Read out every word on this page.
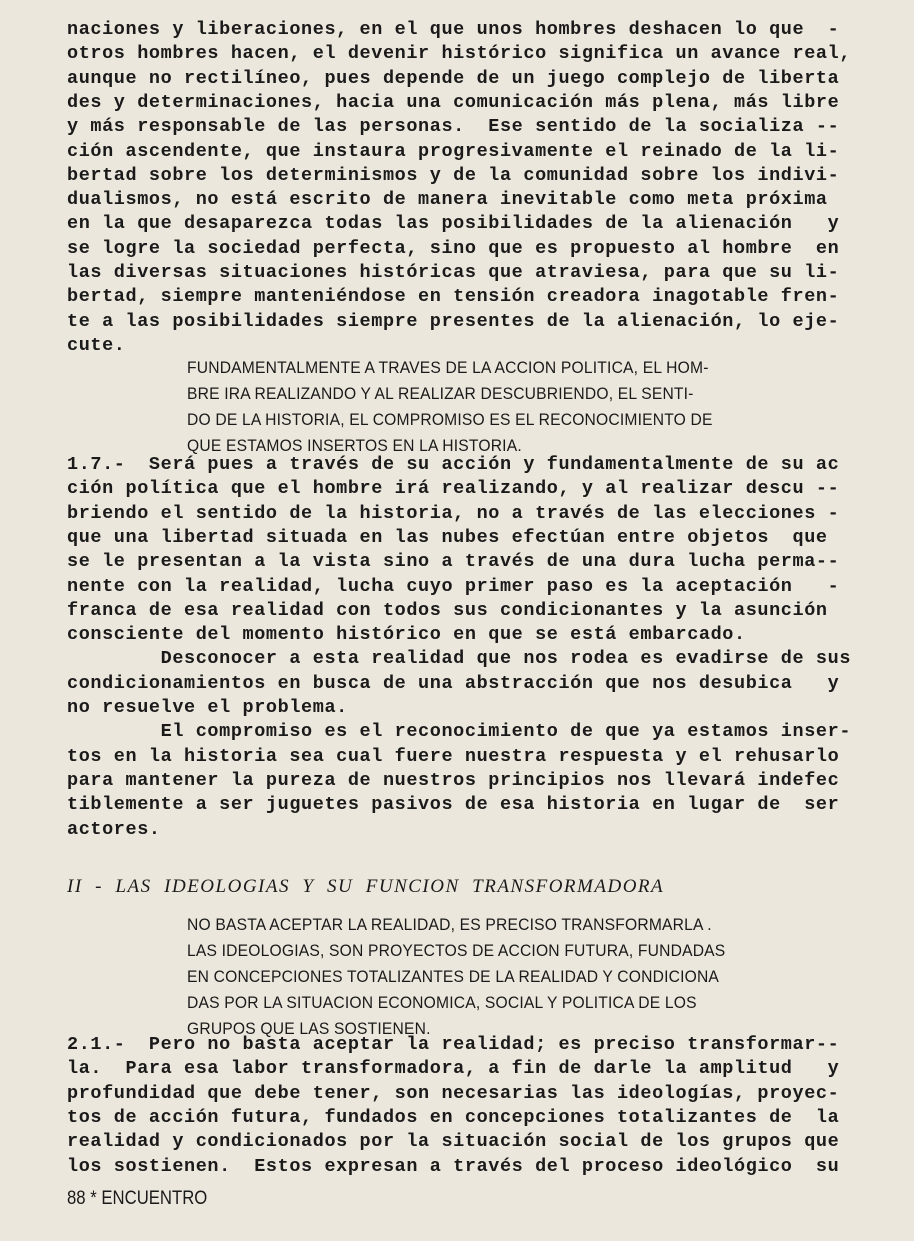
naciones y liberaciones, en el que unos hombres deshacen lo que  -
otros hombres hacen, el devenir histórico significa un avance real,
aunque no rectilíneo, pues depende de un juego complejo de liberta
des y determinaciones, hacia una comunicación más plena, más libre
y más responsable de las personas.  Ese sentido de la socializa --
ción ascendente, que instaura progresivamente el reinado de la li-
bertad sobre los determinismos y de la comunidad sobre los indivi-
dualismos, no está escrito de manera inevitable como meta próxima
en la que desaparezca todas las posibilidades de la alienación   y
se logre la sociedad perfecta, sino que es propuesto al hombre  en
las diversas situaciones históricas que atraviesa, para que su li-
bertad, siempre manteniéndose en tensión creadora inagotable fren-
te a las posibilidades siempre presentes de la alienación, lo eje-
cute.
FUNDAMENTALMENTE A TRAVES DE LA ACCION POLITICA, EL HOM-
BRE IRA REALIZANDO Y AL REALIZAR DESCUBRIENDO, EL SENTI-
DO DE LA HISTORIA, EL COMPROMISO ES EL RECONOCIMIENTO DE
QUE ESTAMOS INSERTOS EN LA HISTORIA.
1.7.-  Será pues a través de su acción y fundamentalmente de su ac
ción política que el hombre irá realizando, y al realizar descu --
briendo el sentido de la historia, no a través de las elecciones -
que una libertad situada en las nubes efectúan entre objetos  que
se le presentan a la vista sino a través de una dura lucha perma--
nente con la realidad, lucha cuyo primer paso es la aceptación   -
franca de esa realidad con todos sus condicionantes y la asunción
consciente del momento histórico en que se está embarcado.
Desconocer a esta realidad que nos rodea es evadirse de sus
condicionamientos en busca de una abstracción que nos desubica   y
no resuelve el problema.
El compromiso es el reconocimiento de que ya estamos inser-
tos en la historia sea cual fuere nuestra respuesta y el rehusarlo
para mantener la pureza de nuestros principios nos llevará indefec
tiblemente a ser juguetes pasivos de esa historia en lugar de  ser
actores.
II  -  LAS  IDEOLOGIAS  Y  SU  FUNCION  TRANSFORMADORA
NO BASTA ACEPTAR LA REALIDAD, ES PRECISO TRANSFORMARLA .
LAS IDEOLOGIAS, SON PROYECTOS DE ACCION FUTURA, FUNDADAS
EN CONCEPCIONES TOTALIZANTES DE LA REALIDAD Y CONDICIONA
DAS POR LA SITUACION ECONOMICA, SOCIAL Y POLITICA DE LOS
GRUPOS QUE LAS SOSTIENEN.
2.1.-  Pero no basta aceptar la realidad; es preciso transformar--
la.  Para esa labor transformadora, a fin de darle la amplitud   y
profundidad que debe tener, son necesarias las ideologías, proyec-
tos de acción futura, fundados en concepciones totalizantes de  la
realidad y condicionados por la situación social de los grupos que
los sostienen.  Estos expresan a través del proceso ideológico  su
88 * ENCUENTRO
